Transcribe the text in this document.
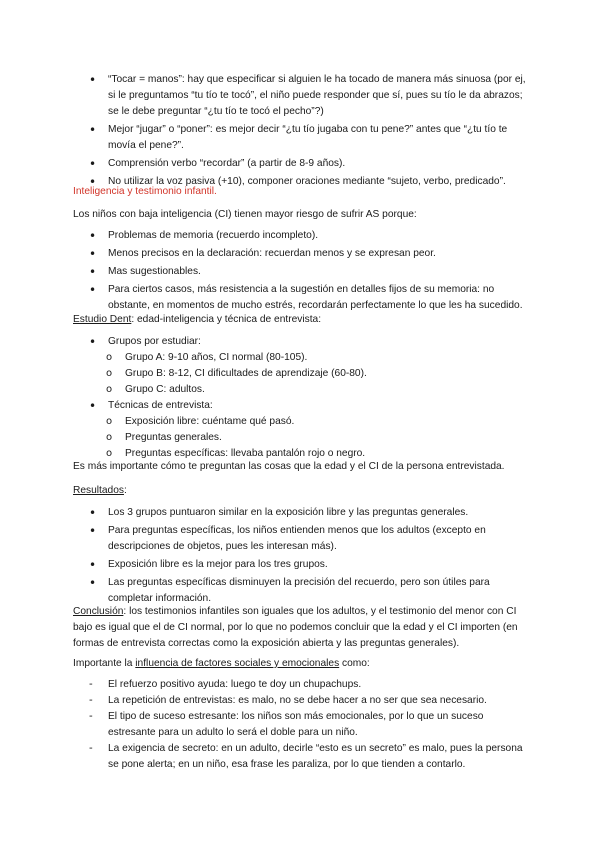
•
“Tocar = manos”: hay que especificar si alguien le ha tocado de manera más sinuosa (por ej, si le preguntamos “tu tío te tocó”, el niño puede responder que sí, pues su tío le da abrazos; se le debe preguntar “¿tu tío te tocó el pecho”?)
•
Mejor “jugar” o “poner”: es mejor decir “¿tu tío jugaba con tu pene?” antes que “¿tu tío te movía el pene?”.
•
Comprensión verbo “recordar” (a partir de 8-9 años).
•
No utilizar la voz pasiva (+10), componer oraciones mediante “sujeto, verbo, predicado”.

Inteligencia y testimonio infantil.

Los niños con baja inteligencia (CI) tienen mayor riesgo de sufrir AS porque:

•
Problemas de memoria (recuerdo incompleto).
•
Menos precisos en la declaración: recuerdan menos y se expresan peor.
•
Mas sugestionables.
•
Para ciertos casos, más resistencia a la sugestión en detalles fijos de su memoria: no obstante, en momentos de mucho estrés, recordarán perfectamente lo que les ha sucedido.

Estudio Dent: edad-inteligencia y técnica de entrevista:

•
Grupos por estudiar:
o
Grupo A: 9-10 años, CI normal (80-105).
o
Grupo B: 8-12, CI dificultades de aprendizaje (60-80).
o
Grupo C: adultos.
•
Técnicas de entrevista:
o
Exposición libre: cuéntame qué pasó.
o
Preguntas generales.
o
Preguntas específicas: llevaba pantalón rojo o negro.

Es más importante cómo te preguntan las cosas que la edad y el CI de la persona entrevistada.

Resultados:

•
Los 3 grupos puntuaron similar en la exposición libre y las preguntas generales.
•
Para preguntas específicas, los niños entienden menos que los adultos (excepto en descripciones de objetos, pues les interesan más).
•
Exposición libre es la mejor para los tres grupos.
•
Las preguntas específicas disminuyen la precisión del recuerdo, pero son útiles para completar información.

Conclusión: los testimonios infantiles son iguales que los adultos, y el testimonio del menor con CI bajo es igual que el de CI normal, por lo que no podemos concluir que la edad y el CI importen (en formas de entrevista correctas como la exposición abierta y las preguntas generales).

Importante la influencia de factores sociales y emocionales como:

-
El refuerzo positivo ayuda: luego te doy un chupachups.
-
La repetición de entrevistas: es malo, no se debe hacer a no ser que sea necesario.
-
El tipo de suceso estresante: los niños son más emocionales, por lo que un suceso estresante para un adulto lo será el doble para un niño.
-
La exigencia de secreto: en un adulto, decirle “esto es un secreto” es malo, pues la persona se pone alerta; en un niño, esa frase les paraliza, por lo que tienden a contarlo.
